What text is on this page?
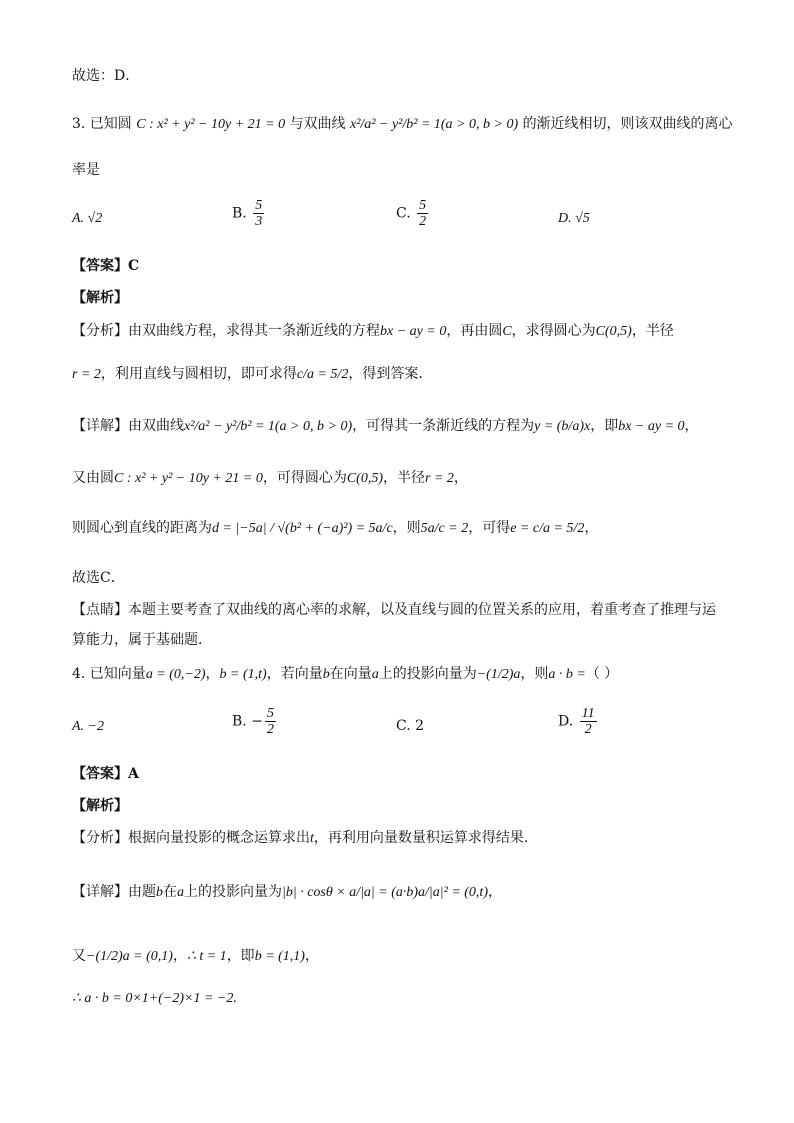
故选：D．
3. 已知圆 C : x² + y² − 10y + 21 = 0 与双曲线 x²/a² − y²/b² = 1(a > 0, b > 0) 的渐近线相切，则该双曲线的离心
率是
A. √2	B. $\frac{5}{3}$	C. $\frac{5}{2}$	D. √5
【答案】C
【解析】
【分析】由双曲线方程，求得其一条渐近线的方程bx − ay = 0，再由圆C，求得圆心为C(0,5)，半径
r = 2，利用直线与圆相切，即可求得c/a = 5/2，得到答案．
【详解】由双曲线x²/a² − y²/b² = 1(a > 0, b > 0)，可得其一条渐近线的方程为y = (b/a)x，即bx − ay = 0，
又由圆C : x² + y² − 10y + 21 = 0，可得圆心为C(0,5)，半径r = 2，
则圆心到直线的距离为d = |−5a| / √(b² + (−a)²) = 5a/c，则5a/c = 2，可得e = c/a = 5/2，
故选C．
【点睛】本题主要考查了双曲线的离心率的求解，以及直线与圆的位置关系的应用，着重考查了推理与运
算能力，属于基础题．
4. 已知向量a = (0,−2)，b = (1,t)，若向量b在向量a上的投影向量为−(1/2)a，则a · b =（ ）
A. −2	B. − $\frac{5}{2}$	C. 2	D. $\frac{11}{2}$
【答案】A
【解析】
【分析】根据向量投影的概念运算求出t，再利用向量数量积运算求得结果.
【详解】由题b在a上的投影向量为|b| · cosθ × a/|a| = (a·b)a/|a|² = (0,t)，
又−(1/2)a = (0,1)，∴ t = 1，即b = (1,1)，
∴ a · b = 0×1+(−2)×1 = −2.
